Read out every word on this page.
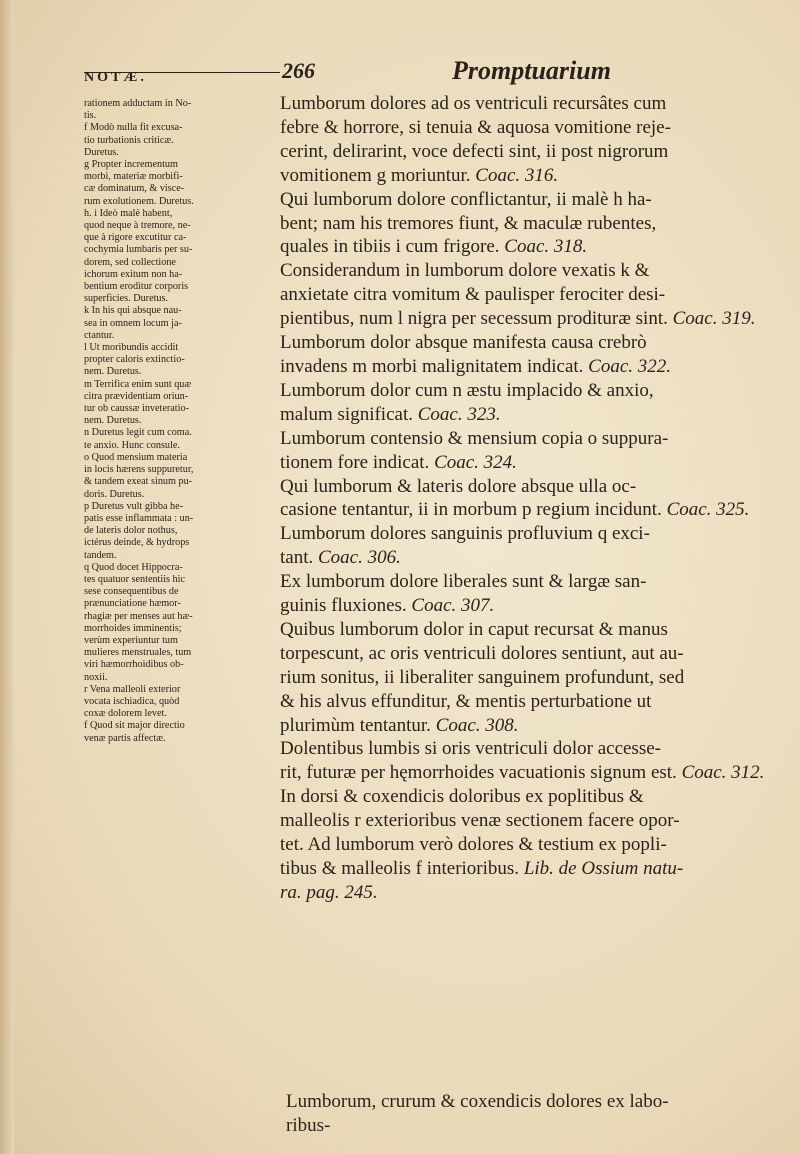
NOTÆ.	266	Promptuarium

rationem adductam in No-
tis.

f Modò nulla fit excusa-
tio turbationis criticæ.
Duretus.

g Propter incrementum
morbi, materiæ morbifi-
cæ dominatum, & visce-
rum exolutionem. Duretus.

h. i Ideò malè habent,
quod neque à tremore, ne-
que à rigore excutitur ca-
cochymia lumbaris per su-
dorem, sed collectione
ichorum exitum non ha-
bentium eroditur corporis
superficies. Duretus.

k In his qui absque nau-
sea in omnem locum ja-
ctantur.

l Ut moribundis accidit
propter caloris extinctio-
nem. Duretus.

m Terrifica enim sunt quæ
citra prævidentiam oriun-
tur ob caussæ inveteratio-
nem. Duretus.

n Duretus legit cum coma.
te anxio. Hunc consule.

o Quod mensium materia
in locis hærens suppuretur,
& tandem exeat sinum pu-
doris. Duretus.

p Duretus vult gibba he-
patis esse inflammata : un-
de lateris dolor nothus,
ictérus deinde, & hydrops
tandem.

q Quod docet Hippocra-
tes quatuor sententiis hic
sese consequentibus de
prænunciatione hæmor-
rhagiæ per menses aut hæ-
morrhoides imminentis;
verùm experiuntur tum
mulieres menstruales, tum
viri hæmorrhoidibus ob-
noxii.

r Vena malleoli exterior
vocata ischiadica, quòd
coxæ dolorem levet.

f Quod sit major directio
venæ partis affectæ.

Lumborum dolores ad os ventriculi recursâtes cum
febre & horrore, si tenuia & aquosa vomitione reje-
cerint, delirarint, voce defecti sint, ii post nigrorum
vomitionem g moriuntur. Coac. 316.

Qui lumborum dolore conflictantur, ii malè h ha-
bent; nam his tremores fiunt, & maculæ rubentes,
quales in tibiis i cum frigore. Coac. 318.

Considerandum in lumborum dolore vexatis k &
anxietate citra vomitum & paulisper ferociter desi-
pientibus, num l nigra per secessum prodituræ sint. Coac. 319.

Lumborum dolor absque manifesta causa crebrò
invadens m morbi malignitatem indicat. Coac. 322.

Lumborum dolor cum n æstu implacido & anxio,
malum significat. Coac. 323.

Lumborum contensio & mensium copia o suppura-
tionem fore indicat. Coac. 324.

Qui lumborum & lateris dolore absque ulla oc-
casione tentantur, ii in morbum p regium incidunt. Coac. 325.

Lumborum dolores sanguinis profluvium q exci-
tant. Coac. 306.

Ex lumborum dolore liberales sunt & largæ san-
guinis fluxiones. Coac. 307.

Quibus lumborum dolor in caput recursat & manus
torpescunt, ac oris ventriculi dolores sentiunt, aut au-
rium sonitus, ii liberaliter sanguinem profundunt, sed
& his alvus effunditur, & mentis perturbatione ut
plurimùm tentantur. Coac. 308.

Dolentibus lumbis si oris ventriculi dolor accesse-
rit, futuræ per hęmorrhoides vacuationis signum est. Coac. 312.

In dorsi & coxendicis doloribus ex poplitibus &
malleolis r exterioribus venæ sectionem facere opor-
tet. Ad lumborum verò dolores & testium ex popli-
tibus & malleolis f interioribus. Lib. de Ossium natu-
ra. pag. 245.

Lumborum, crurum & coxendicis dolores ex labo-
ribus-
